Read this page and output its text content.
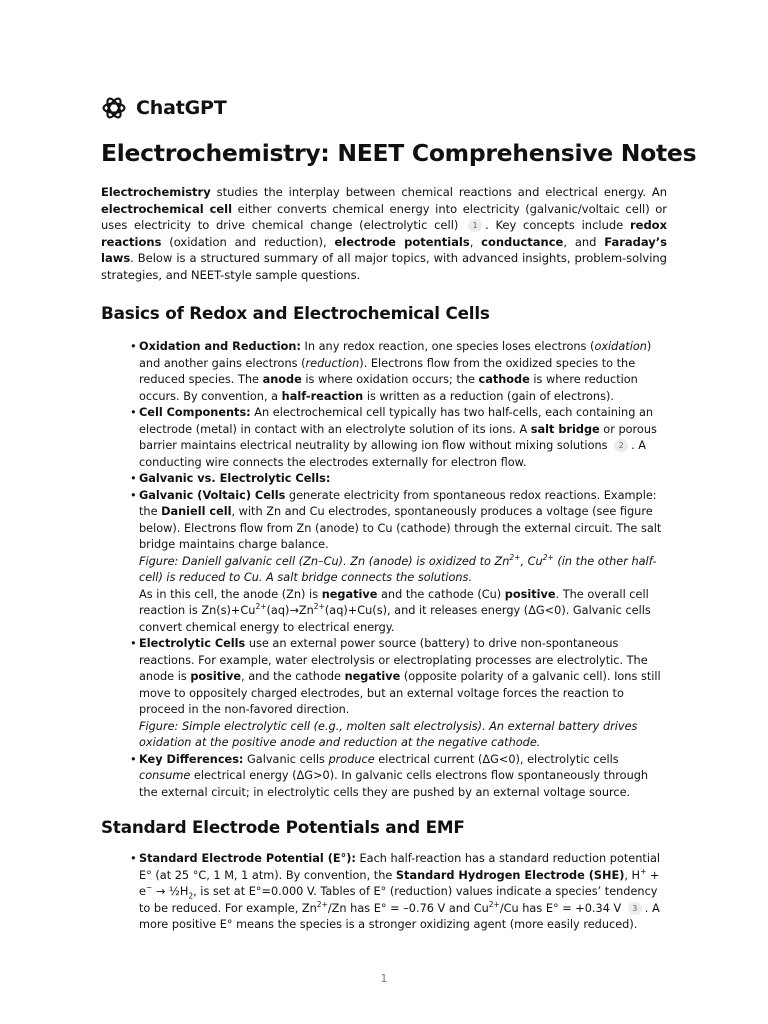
ChatGPT
Electrochemistry: NEET Comprehensive Notes

Electrochemistry studies the interplay between chemical reactions and electrical energy. An electrochemical cell either converts chemical energy into electricity (galvanic/voltaic cell) or uses electricity to drive chemical change (electrolytic cell) 1 . Key concepts include redox reactions (oxidation and reduction), electrode potentials, conductance, and Faraday’s laws. Below is a structured summary of all major topics, with advanced insights, problem-solving strategies, and NEET-style sample questions.

Basics of Redox and Electrochemical Cells
• Oxidation and Reduction: In any redox reaction, one species loses electrons (oxidation) and another gains electrons (reduction). Electrons flow from the oxidized species to the reduced species. The anode is where oxidation occurs; the cathode is where reduction occurs. By convention, a half-reaction is written as a reduction (gain of electrons).
• Cell Components: An electrochemical cell typically has two half-cells, each containing an electrode (metal) in contact with an electrolyte solution of its ions. A salt bridge or porous barrier maintains electrical neutrality by allowing ion flow without mixing solutions 2 . A conducting wire connects the electrodes externally for electron flow.
• Galvanic vs. Electrolytic Cells:
• Galvanic (Voltaic) Cells generate electricity from spontaneous redox reactions. Example: the Daniell cell, with Zn and Cu electrodes, spontaneously produces a voltage (see figure below). Electrons flow from Zn (anode) to Cu (cathode) through the external circuit. The salt bridge maintains charge balance.
Figure: Daniell galvanic cell (Zn–Cu). Zn (anode) is oxidized to $Zn^{2+}$, $Cu^{2+}$ (in the other half-cell) is reduced to Cu. A salt bridge connects the solutions.
As in this cell, the anode (Zn) is negative and the cathode (Cu) positive. The overall cell reaction is $Zn(s)+Cu^{2+}(aq)\to Zn^{2+}(aq)+Cu(s)$, and it releases energy (ΔG<0). Galvanic cells convert chemical energy to electrical energy.
• Electrolytic Cells use an external power source (battery) to drive non-spontaneous reactions. For example, water electrolysis or electroplating processes are electrolytic. The anode is positive, and the cathode negative (opposite polarity of a galvanic cell). Ions still move to oppositely charged electrodes, but an external voltage forces the reaction to proceed in the non-favored direction.
Figure: Simple electrolytic cell (e.g., molten salt electrolysis). An external battery drives oxidation at the positive anode and reduction at the negative cathode.
• Key Differences: Galvanic cells produce electrical current (ΔG<0), electrolytic cells consume electrical energy (ΔG>0). In galvanic cells electrons flow spontaneously through the external circuit; in electrolytic cells they are pushed by an external voltage source.
Standard Electrode Potentials and EMF
• Standard Electrode Potential (E°): Each half-reaction has a standard reduction potential E° (at 25 °C, 1 M, 1 atm). By convention, the Standard Hydrogen Electrode (SHE), $H^+ + e^- \to \frac{1}{2}H_2$, is set at E°=0.000 V. Tables of E° (reduction) values indicate a species’ tendency to be reduced. For example, $Zn^{2+}/Zn$ has E° = –0.76 V and $Cu^{2+}/Cu$ has E° = +0.34 V 3 . A more positive E° means the species is a stronger oxidizing agent (more easily reduced).
1
